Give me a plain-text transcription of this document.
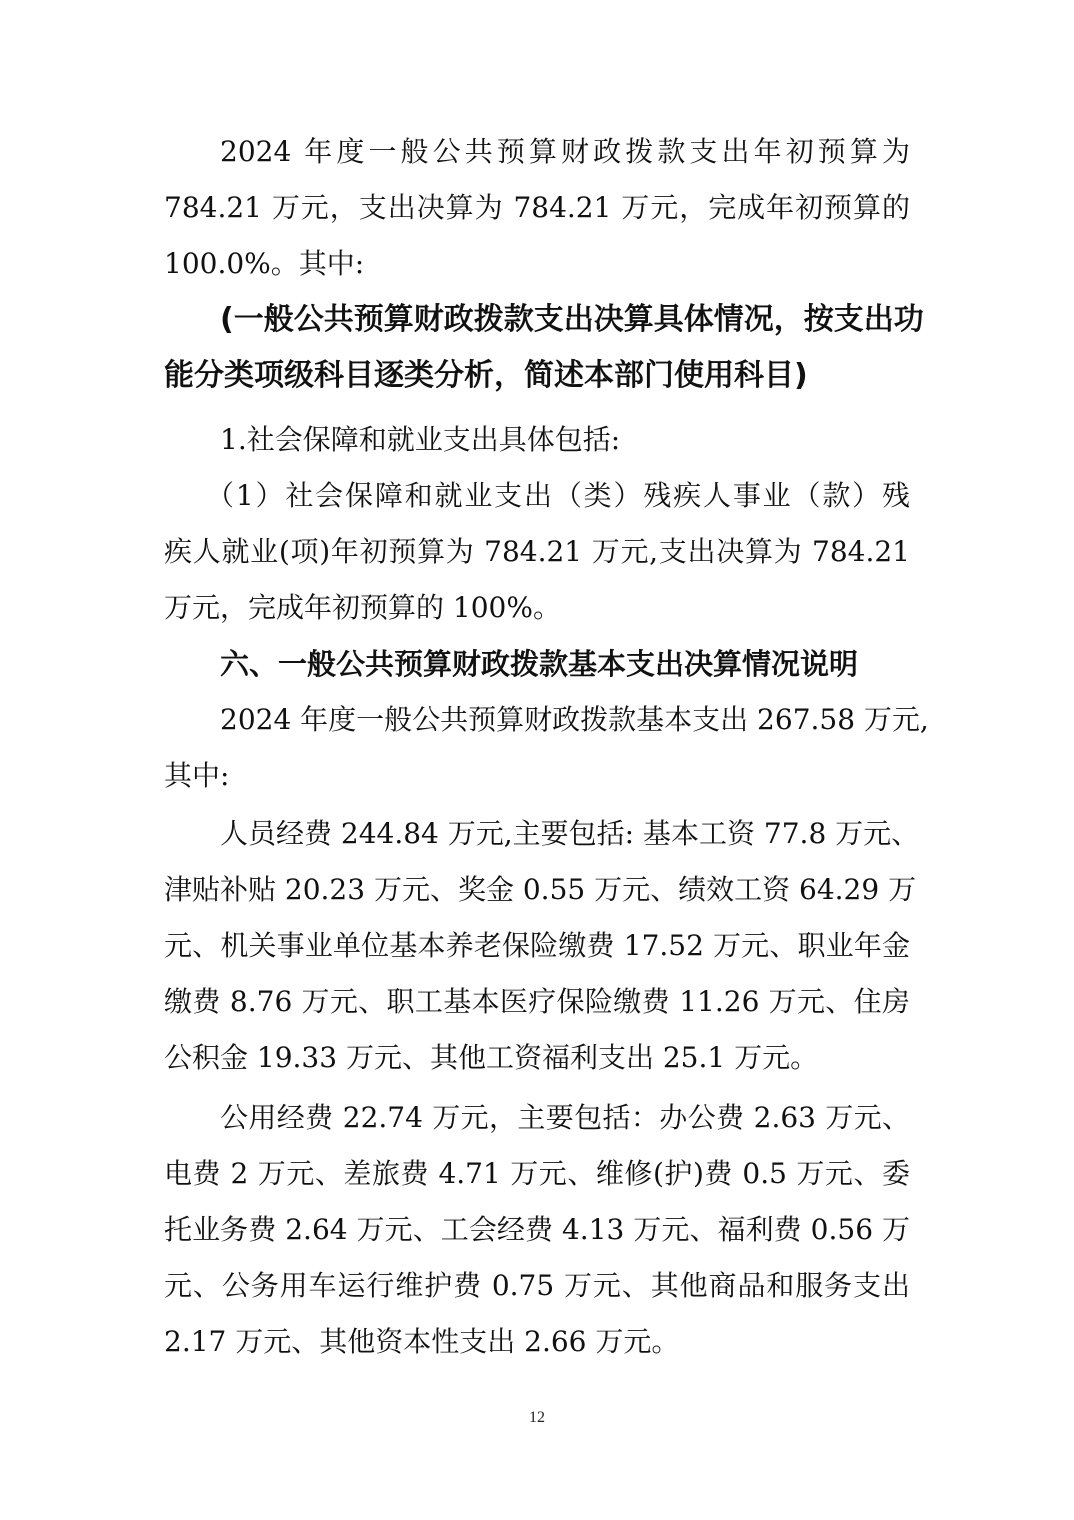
2024 年度一般公共预算财政拨款支出年初预算为
784.21 万元，支出决算为 784.21 万元，完成年初预算的
100.0%。其中:
(一般公共预算财政拨款支出决算具体情况，按支出功
能分类项级科目逐类分析，简述本部门使用科目)
1.社会保障和就业支出具体包括:
（1）社会保障和就业支出（类）残疾人事业（款）残
疾人就业(项)年初预算为 784.21 万元,支出决算为 784.21
万元，完成年初预算的 100%。
六、一般公共预算财政拨款基本支出决算情况说明
2024 年度一般公共预算财政拨款基本支出 267.58 万元,
其中:
人员经费 244.84 万元,主要包括: 基本工资 77.8 万元、
津贴补贴 20.23 万元、奖金 0.55 万元、绩效工资 64.29 万
元、机关事业单位基本养老保险缴费 17.52 万元、职业年金
缴费 8.76 万元、职工基本医疗保险缴费 11.26 万元、住房
公积金 19.33 万元、其他工资福利支出 25.1 万元。
公用经费 22.74 万元，主要包括：办公费 2.63 万元、
电费 2 万元、差旅费 4.71 万元、维修(护)费 0.5 万元、委
托业务费 2.64 万元、工会经费 4.13 万元、福利费 0.56 万
元、公务用车运行维护费 0.75 万元、其他商品和服务支出
2.17 万元、其他资本性支出 2.66 万元。
12
